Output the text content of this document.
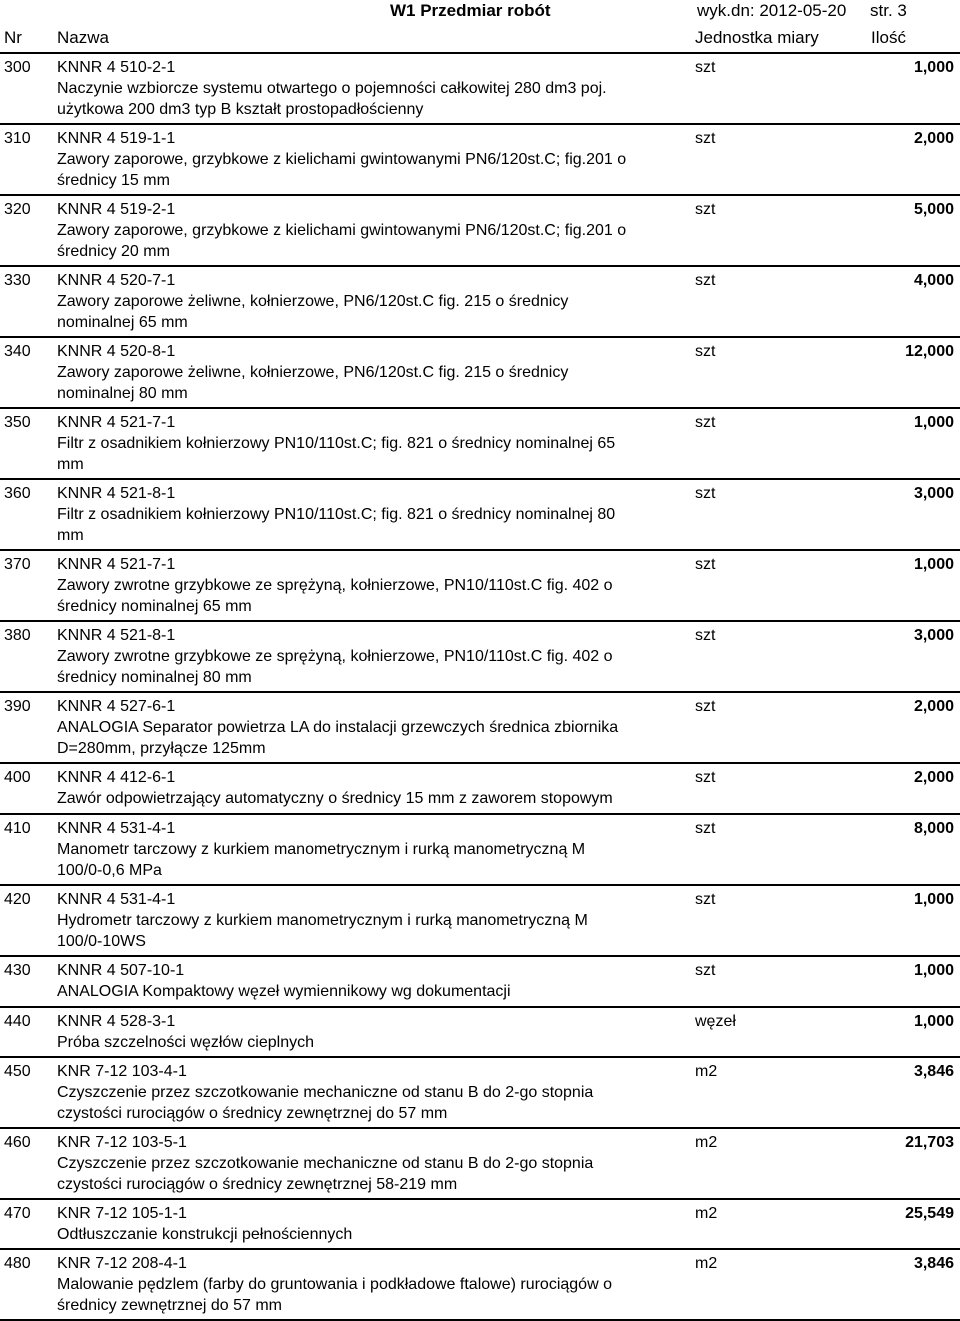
W1 Przedmiar robót	wyk.dn: 2012-05-20 str. 3
Nr Nazwa	Jednostka miary	Ilość
300 KNNR 4 510-2-1
Naczynie wzbiorcze systemu otwartego o pojemności całkowitej 280 dm3 poj.
użytkowa 200 dm3 typ B kształt prostopadłościenny
szt	1,000
310 KNNR 4 519-1-1
Zawory zaporowe, grzybkowe z kielichami gwintowanymi PN6/120st.C; fig.201 o
średnicy 15 mm
szt	2,000
320 KNNR 4 519-2-1
Zawory zaporowe, grzybkowe z kielichami gwintowanymi PN6/120st.C; fig.201 o
średnicy 20 mm
szt	5,000
330 KNNR 4 520-7-1
Zawory zaporowe żeliwne, kołnierzowe, PN6/120st.C fig. 215 o średnicy
nominalnej 65 mm
szt	4,000
340 KNNR 4 520-8-1
Zawory zaporowe żeliwne, kołnierzowe, PN6/120st.C fig. 215 o średnicy
nominalnej 80 mm
szt	12,000
350 KNNR 4 521-7-1
Filtr z osadnikiem kołnierzowy PN10/110st.C; fig. 821 o średnicy nominalnej 65
mm
szt	1,000
360 KNNR 4 521-8-1
Filtr z osadnikiem kołnierzowy PN10/110st.C; fig. 821 o średnicy nominalnej 80
mm
szt	3,000
370 KNNR 4 521-7-1
Zawory zwrotne grzybkowe ze sprężyną, kołnierzowe, PN10/110st.C fig. 402 o
średnicy nominalnej 65 mm
szt	1,000
380 KNNR 4 521-8-1
Zawory zwrotne grzybkowe ze sprężyną, kołnierzowe, PN10/110st.C fig. 402 o
średnicy nominalnej 80 mm
szt	3,000
390 KNNR 4 527-6-1
ANALOGIA Separator powietrza LA do instalacji grzewczych średnica zbiornika
D=280mm, przyłącze 125mm
szt	2,000
400 KNNR 4 412-6-1
Zawór odpowietrzający automatyczny o średnicy 15 mm z zaworem stopowym
szt	2,000
410 KNNR 4 531-4-1
Manometr tarczowy z kurkiem manometrycznym i rurką manometryczną M
100/0-0,6 MPa
szt	8,000
420 KNNR 4 531-4-1
Hydrometr tarczowy z kurkiem manometrycznym i rurką manometryczną M
100/0-10WS
szt	1,000
430 KNNR 4 507-10-1
ANALOGIA Kompaktowy węzeł wymiennikowy wg dokumentacji
szt	1,000
440 KNNR 4 528-3-1
Próba szczelności węzłów cieplnych
węzeł	1,000
450 KNR 7-12 103-4-1
Czyszczenie przez szczotkowanie mechaniczne od stanu B do 2-go stopnia
czystości rurociągów o średnicy zewnętrznej do 57 mm
m2	3,846
460 KNR 7-12 103-5-1
Czyszczenie przez szczotkowanie mechaniczne od stanu B do 2-go stopnia
czystości rurociągów o średnicy zewnętrznej 58-219 mm
m2	21,703
470 KNR 7-12 105-1-1
Odtłuszczanie konstrukcji pełnościennych
m2	25,549
480 KNR 7-12 208-4-1
Malowanie pędzlem (farby do gruntowania i podkładowe ftalowe) rurociągów o
średnicy zewnętrznej do 57 mm
m2	3,846
